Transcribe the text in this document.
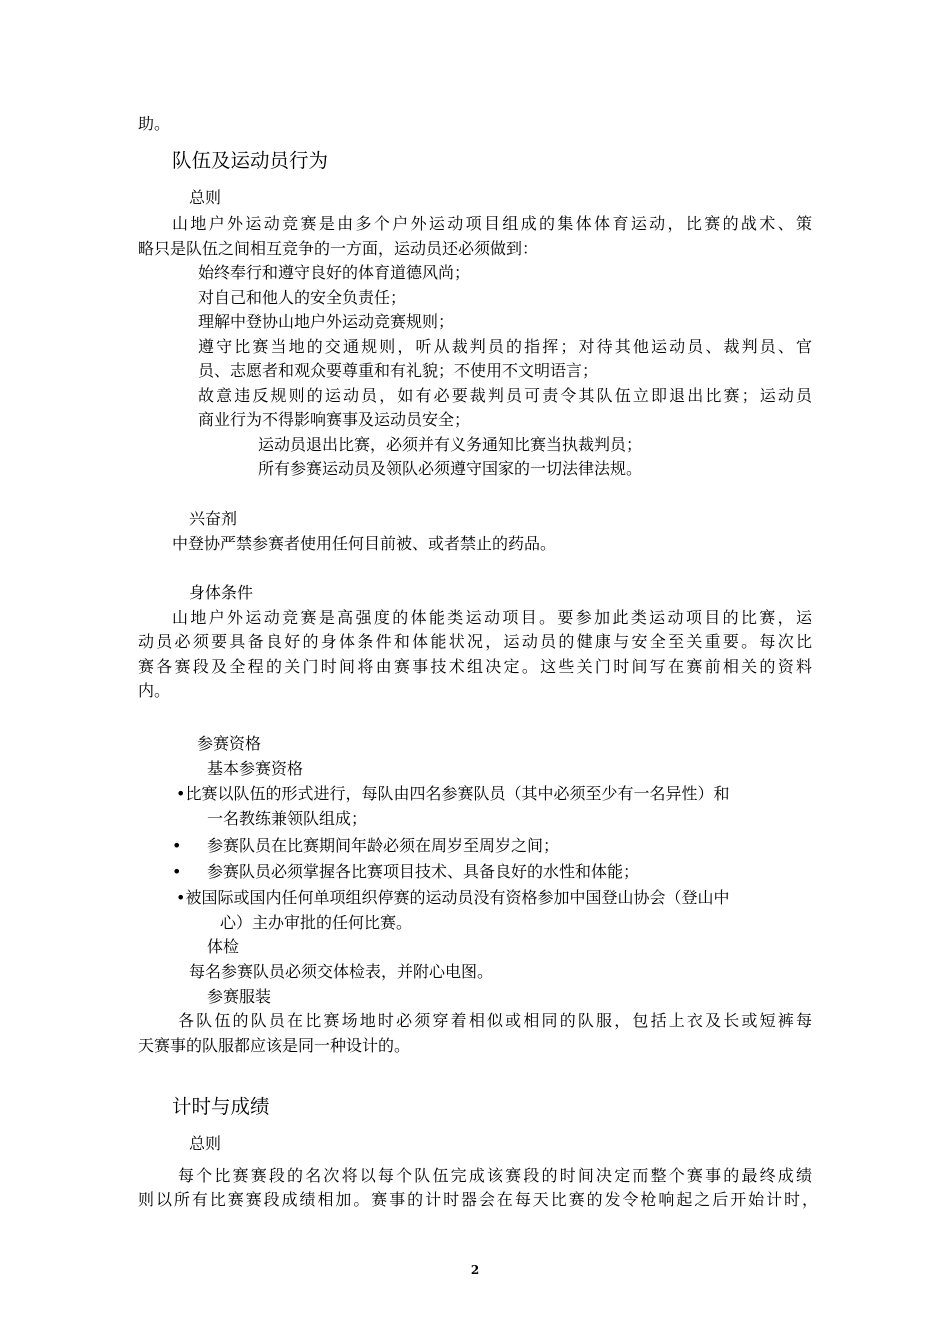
助。
队伍及运动员行为
总则
山地户外运动竞赛是由多个户外运动项目组成的集体体育运动，比赛的战术、策
略只是队伍之间相互竞争的一方面，运动员还必须做到：
始终奉行和遵守良好的体育道德风尚；
对自己和他人的安全负责任；
理解中登协山地户外运动竞赛规则；
遵守比赛当地的交通规则，听从裁判员的指挥；对待其他运动员、裁判员、官
员、志愿者和观众要尊重和有礼貌；不使用不文明语言；
故意违反规则的运动员，如有必要裁判员可责令其队伍立即退出比赛；运动员
商业行为不得影响赛事及运动员安全；
运动员退出比赛，必须并有义务通知比赛当执裁判员；
所有参赛运动员及领队必须遵守国家的一切法律法规。
兴奋剂
中登协严禁参赛者使用任何目前被、或者禁止的药品。
身体条件
山地户外运动竞赛是高强度的体能类运动项目。要参加此类运动项目的比赛，运
动员必须要具备良好的身体条件和体能状况，运动员的健康与安全至关重要。每次比
赛各赛段及全程的关门时间将由赛事技术组决定。这些关门时间写在赛前相关的资料
内。
参赛资格
基本参赛资格
•比赛以队伍的形式进行，每队由四名参赛队员（其中必须至少有一名异性）和
一名教练兼领队组成；
• 参赛队员在比赛期间年龄必须在周岁至周岁之间；
• 参赛队员必须掌握各比赛项目技术、具备良好的水性和体能；
•被国际或国内任何单项组织停赛的运动员没有资格参加中国登山协会（登山中
心）主办审批的任何比赛。
体检
每名参赛队员必须交体检表，并附心电图。
参赛服装
各队伍的队员在比赛场地时必须穿着相似或相同的队服，包括上衣及长或短裤每
天赛事的队服都应该是同一种设计的。
计时与成绩
总则
每个比赛赛段的名次将以每个队伍完成该赛段的时间决定而整个赛事的最终成绩
则以所有比赛赛段成绩相加。赛事的计时器会在每天比赛的发令枪响起之后开始计时，
2
